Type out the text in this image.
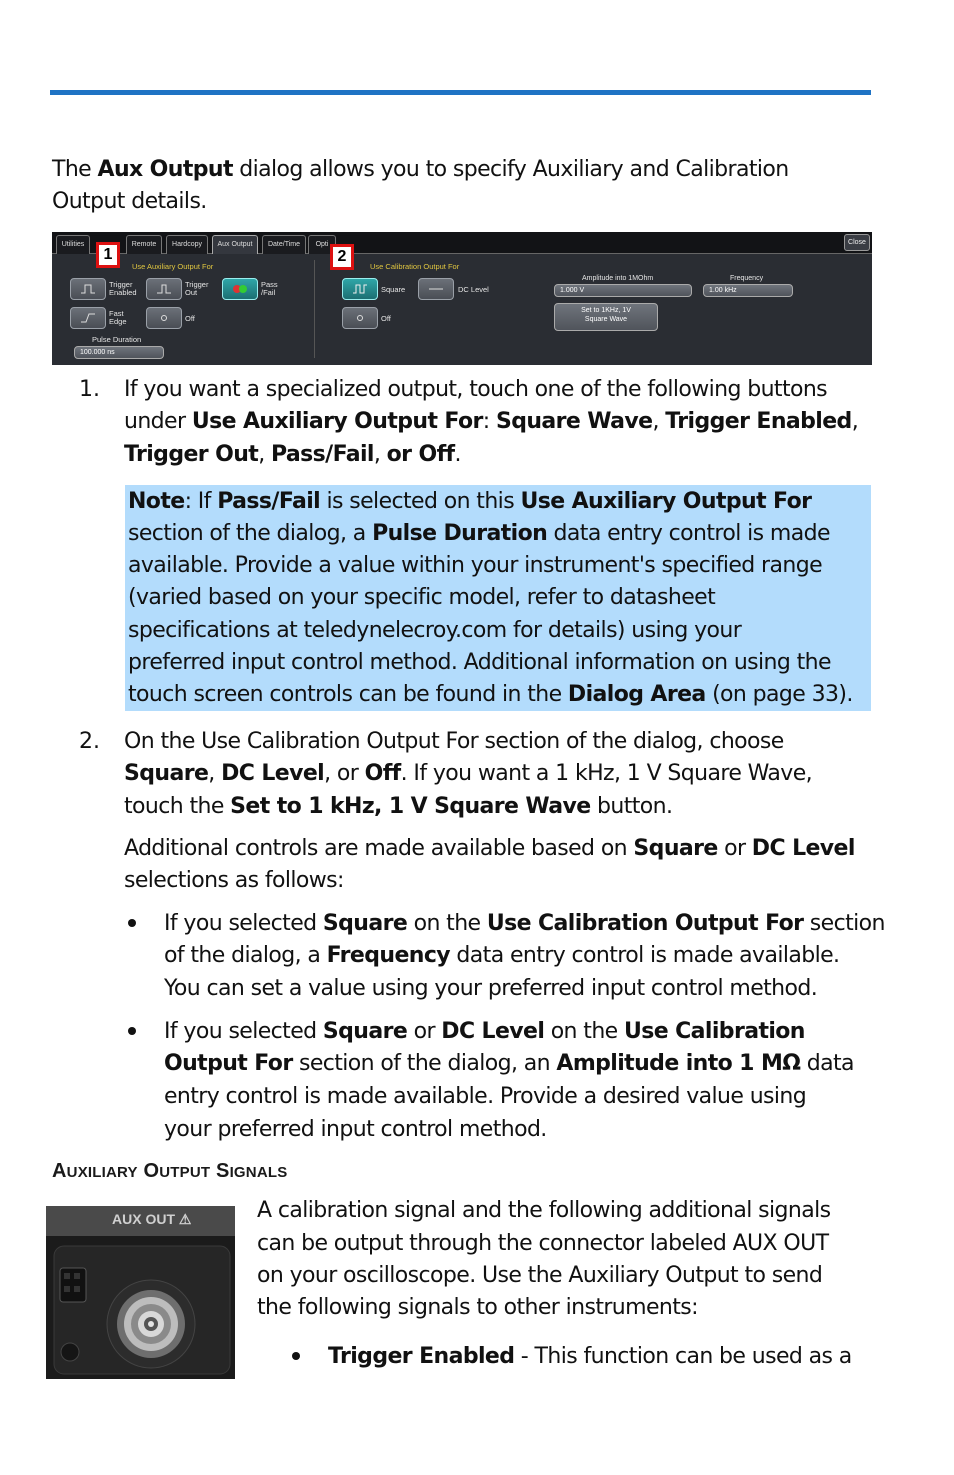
The Aux Output dialog allows you to specify Auxiliary and Calibration
Output details.
Utilities	Remote	Hardcopy	Aux Output	Date/Time	Opti	Close
Use Auxiliary Output For	Use Calibration Output For
Trigger
Enabled
Trigger
Out
Pass
/Fail
Fast
Edge	Off
Pulse Duration
100.000 ns
Square	DC Level
Off
Amplitude into 1MOhm
1.000 V
Frequency
1.00 kHz
Set to 1KHz, 1V
Square Wave
1	2
1. If you want a specialized output, touch one of the following buttons
under Use Auxiliary Output For: Square Wave, Trigger Enabled,
Trigger Out, Pass/Fail, or Off.
Note: If Pass/Fail is selected on this Use Auxiliary Output For
section of the dialog, a Pulse Duration data entry control is made
available. Provide a value within your instrument's specified range
(varied based on your specific model, refer to datasheet
specifications at teledynelecroy.com for details) using your
preferred input control method. Additional information on using the
touch screen controls can be found in the Dialog Area (on page 33).
2. On the Use Calibration Output For section of the dialog, choose
Square, DC Level, or Off. If you want a 1 kHz, 1 V Square Wave,
touch the Set to 1 kHz, 1 V Square Wave button.
Additional controls are made available based on Square or DC Level
selections as follows:
If you selected Square on the Use Calibration Output For section
of the dialog, a Frequency data entry control is made available.
You can set a value using your preferred input control method.
If you selected Square or DC Level on the Use Calibration
Output For section of the dialog, an Amplitude into 1 MΩ data
entry control is made available. Provide a desired value using
your preferred input control method.
AUXILIARY OUTPUT SIGNALS
AUX OUT ⚠	A calibration signal and the following additional signals
can be output through the connector labeled AUX OUT
on your oscilloscope. Use the Auxiliary Output to send
the following signals to other instruments:
Trigger Enabled - This function can be used as a
